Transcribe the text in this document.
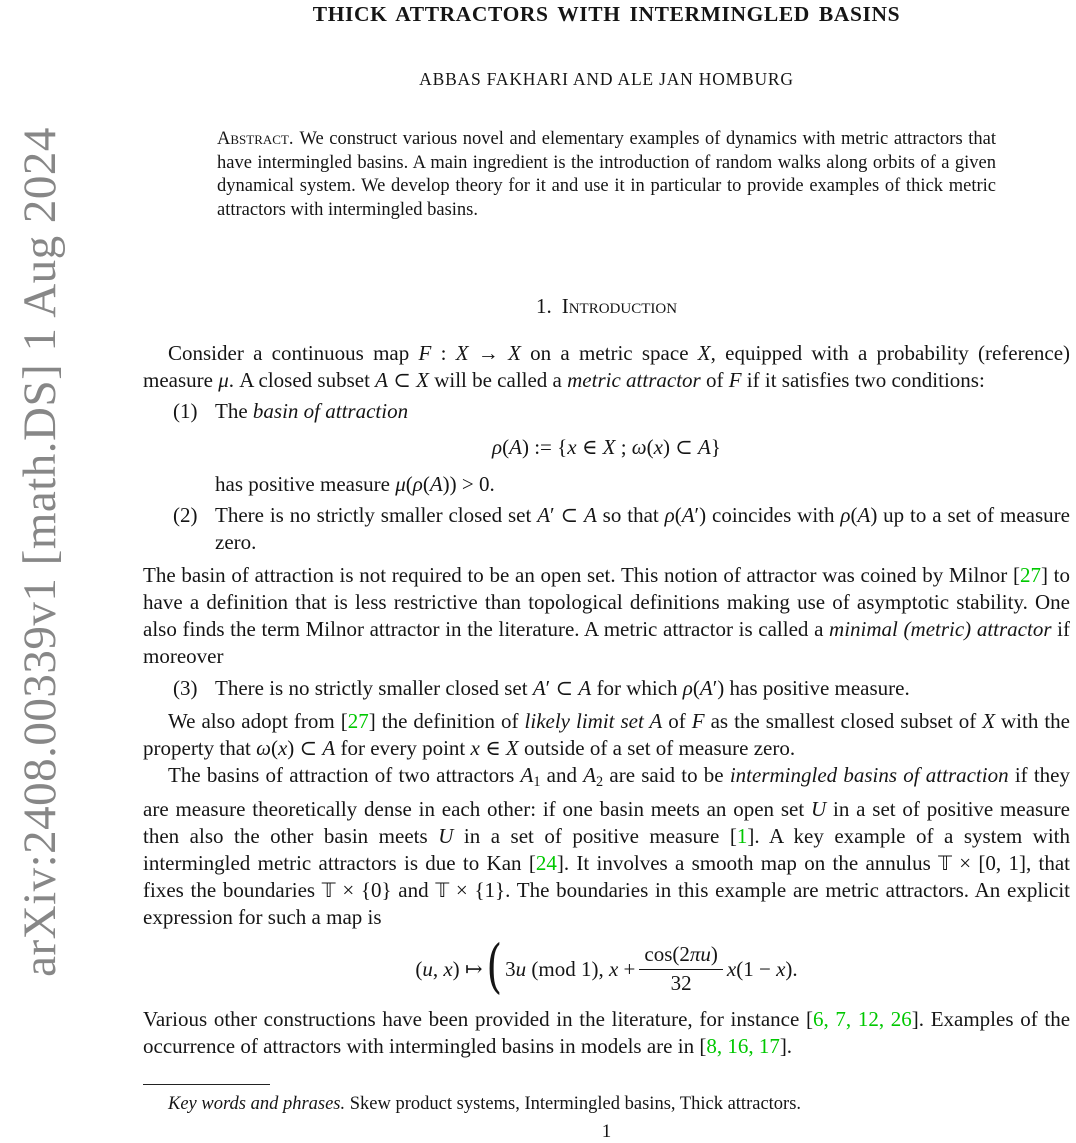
arXiv:2408.00339v1 [math.DS] 1 Aug 2024
THICK ATTRACTORS WITH INTERMINGLED BASINS
ABBAS FAKHARI AND ALE JAN HOMBURG
Abstract. We construct various novel and elementary examples of dynamics with metric attractors that have intermingled basins. A main ingredient is the introduction of random walks along orbits of a given dynamical system. We develop theory for it and use it in particular to provide examples of thick metric attractors with intermingled basins.
1. Introduction

Consider a continuous map F : X → X on a metric space X, equipped with a probability (reference) measure μ. A closed subset A ⊂ X will be called a metric attractor of F if it satisfies two conditions:

(1) The basin of attraction
ρ(A) := {x ∈ X ; ω(x) ⊂ A}
has positive measure μ(ρ(A)) > 0.
(2) There is no strictly smaller closed set A′ ⊂ A so that ρ(A′) coincides with ρ(A) up to a set of measure zero.

The basin of attraction is not required to be an open set. This notion of attractor was coined by Milnor [27] to have a definition that is less restrictive than topological definitions making use of asymptotic stability. One also finds the term Milnor attractor in the literature. A metric attractor is called a minimal (metric) attractor if moreover

(3) There is no strictly smaller closed set A′ ⊂ A for which ρ(A′) has positive measure.

We also adopt from [27] the definition of likely limit set A of F as the smallest closed subset of X with the property that ω(x) ⊂ A for every point x ∈ X outside of a set of measure zero.

The basins of attraction of two attractors A1 and A2 are said to be intermingled basins of attraction if they are measure theoretically dense in each other: if one basin meets an open set U in a set of positive measure then also the other basin meets U in a set of positive measure [1]. A key example of a system with intermingled metric attractors is due to Kan [24]. It involves a smooth map on the annulus 𝕋 × [0, 1], that fixes the boundaries 𝕋 × {0} and 𝕋 × {1}. The boundaries in this example are metric attractors. An explicit expression for such a map is

(u, x) ↦ ( 3u (mod 1), $x + \frac{\cos(2\pi u)}{32} x(1 - x)$ .

Various other constructions have been provided in the literature, for instance [6, 7, 12, 26]. Examples of the occurrence of attractors with intermingled basins in models are in [8, 16, 17].

Key words and phrases. Skew product systems, Intermingled basins, Thick attractors.
1
